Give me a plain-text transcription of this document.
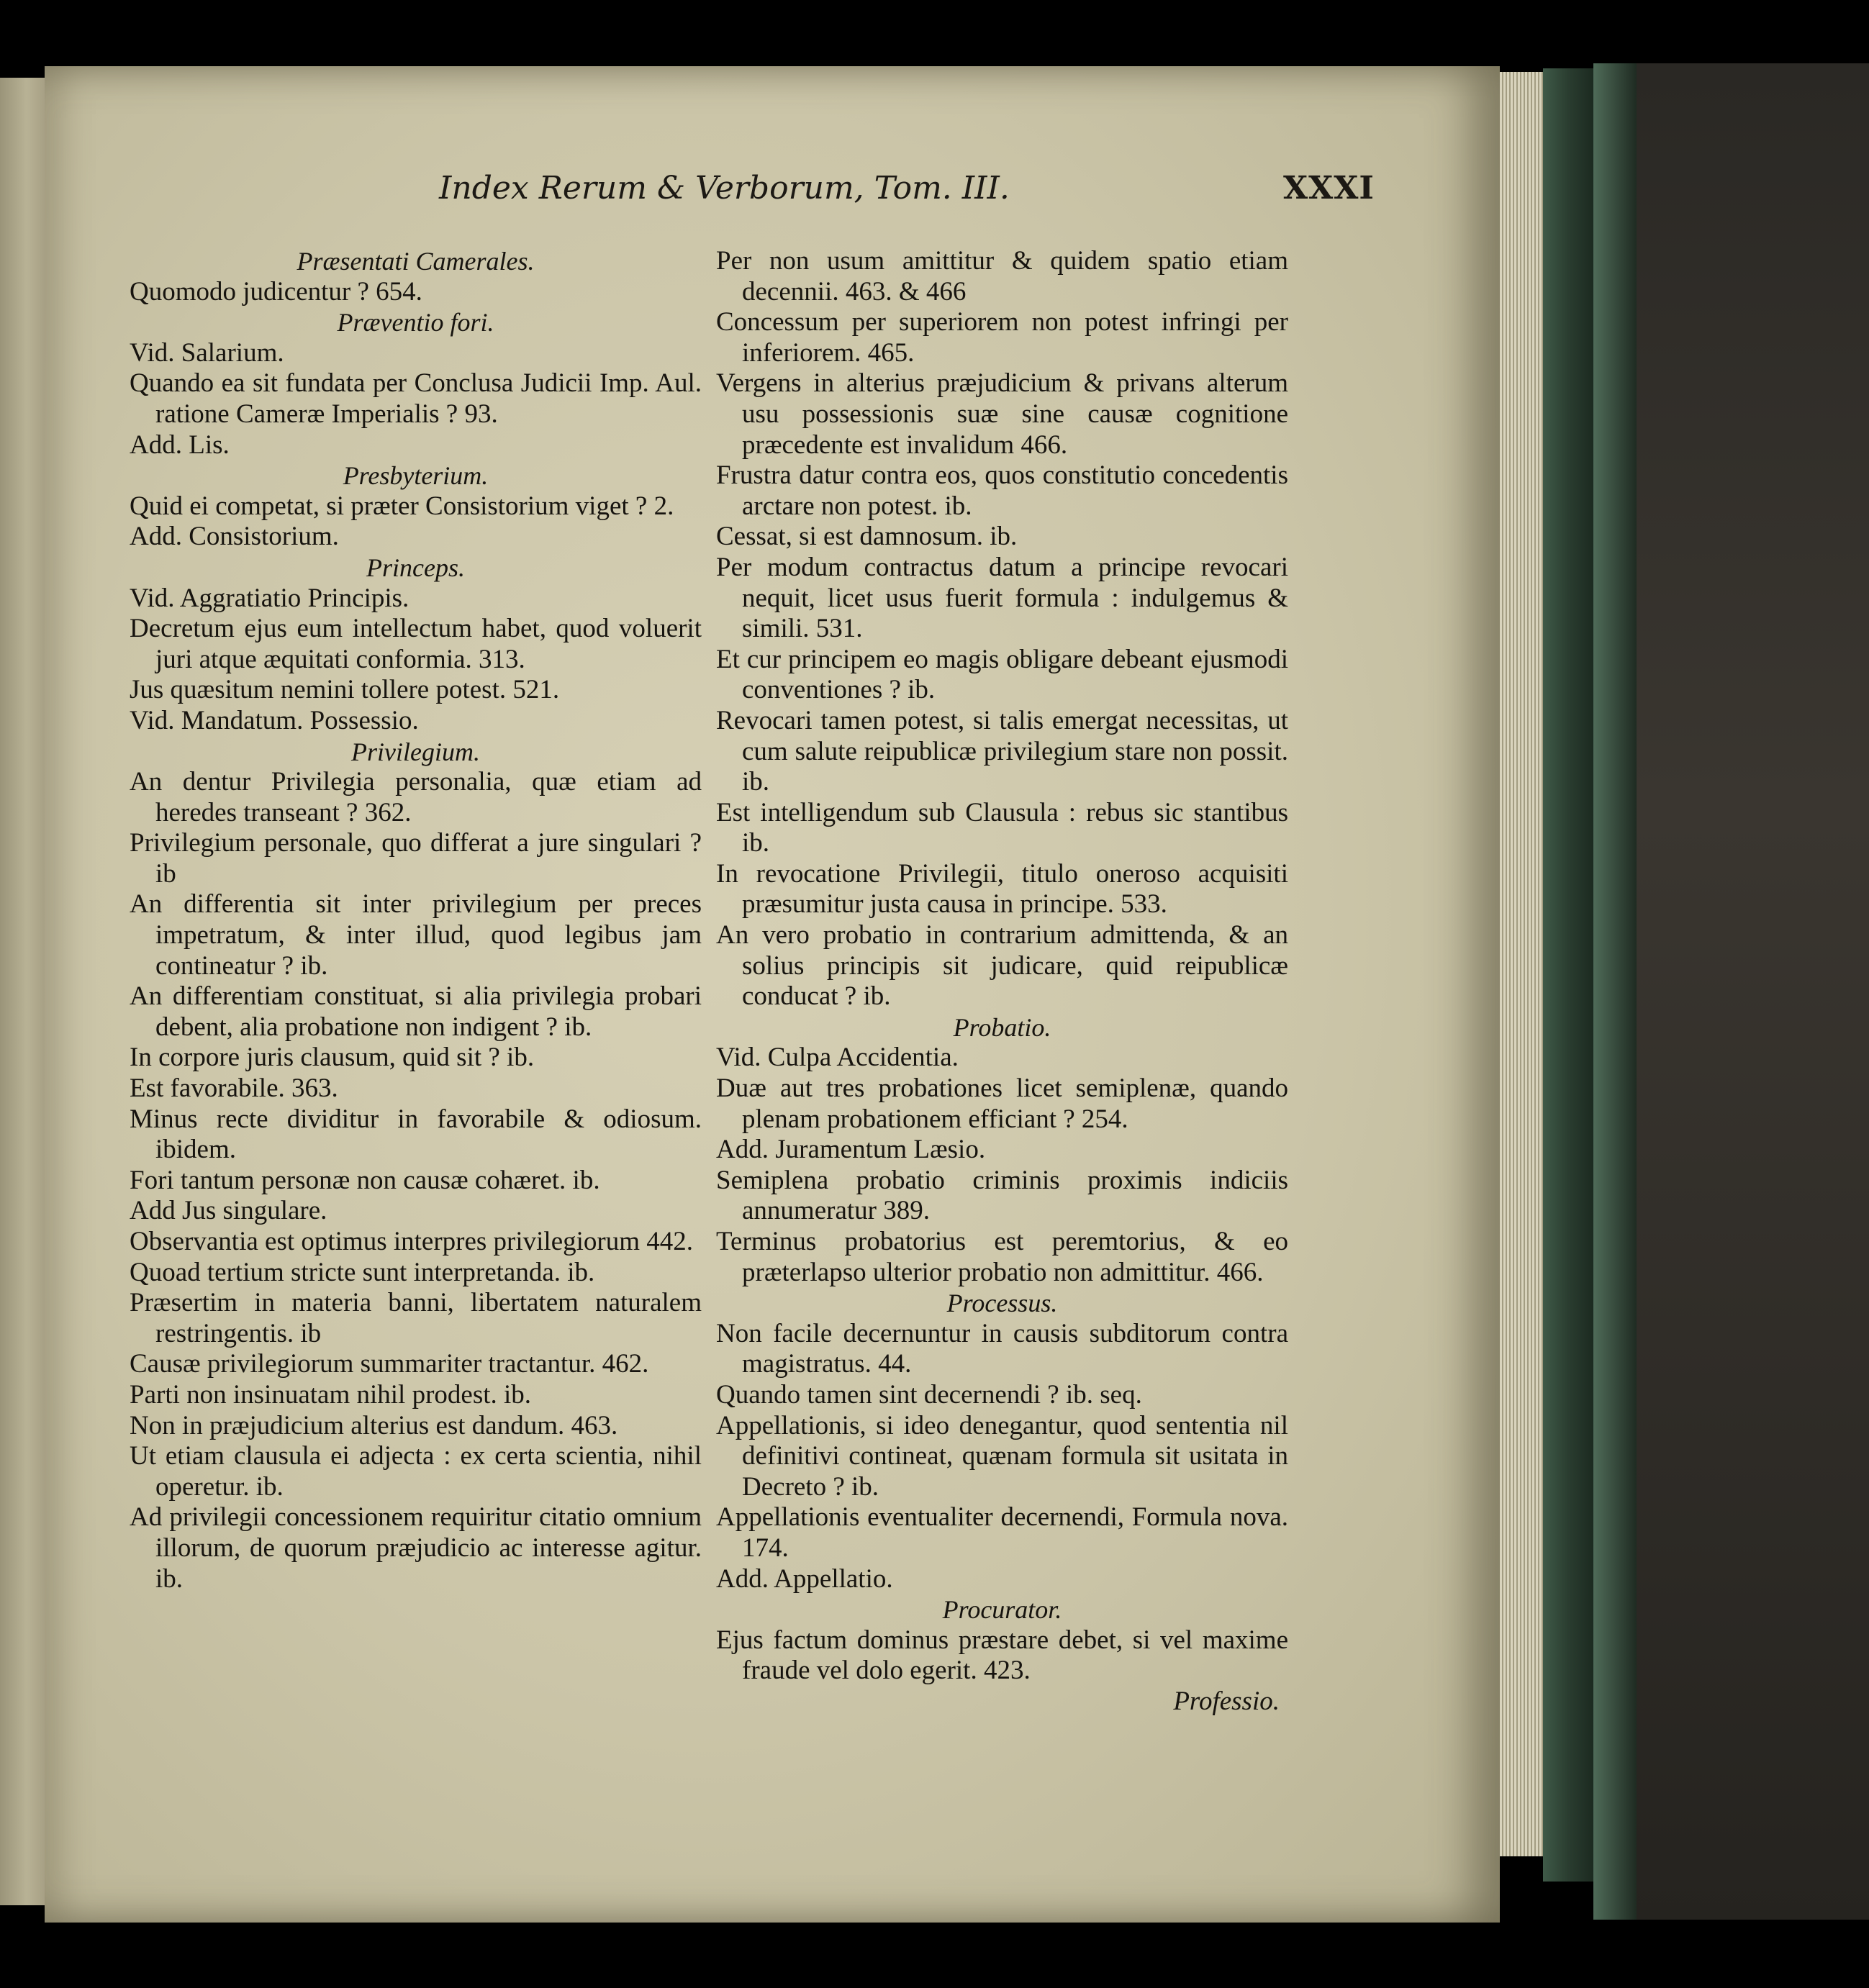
Index Rerum & Verborum, Tom. III.	XXXI
Præsentati Camerales.
Quomodo judicentur ? 654.
Præventio fori.
Vid. Salarium.
Quando ea sit fundata per Conclusa Judicii Imp. Aul. ratione Cameræ Imperialis ? 93.
Add. Lis.
Presbyterium.
Quid ei competat, si præter Consistorium viget ? 2.
Add. Consistorium.
Princeps.
Vid. Aggratiatio Principis.
Decretum ejus eum intellectum habet, quod voluerit juri atque æquitati conformia. 313.
Jus quæsitum nemini tollere potest. 521.
Vid. Mandatum. Possessio.
Privilegium.
An dentur Privilegia personalia, quæ etiam ad heredes transeant ? 362.
Privilegium personale, quo differat a jure singulari ? ib
An differentia sit inter privilegium per preces impetratum, & inter illud, quod legibus jam contineatur ? ib.
An differentiam constituat, si alia privilegia probari debent, alia probatione non indigent ? ib.
In corpore juris clausum, quid sit ? ib.
Est favorabile. 363.
Minus recte dividitur in favorabile & odiosum. ibidem.
Fori tantum personæ non causæ cohæret. ib.
Add Jus singulare.
Observantia est optimus interpres privilegiorum 442.
Quoad tertium stricte sunt interpretanda. ib.
Præsertim in materia banni, libertatem naturalem restringentis. ib
Causæ privilegiorum summariter tractantur. 462.
Parti non insinuatam nihil prodest. ib.
Non in præjudicium alterius est dandum. 463.
Ut etiam clausula ei adjecta : ex certa scientia, nihil operetur. ib.
Ad privilegii concessionem requiritur citatio omnium illorum, de quorum præjudicio ac interesse agitur. ib.
Per non usum amittitur & quidem spatio etiam decennii. 463. & 466
Concessum per superiorem non potest infringi per inferiorem. 465.
Vergens in alterius præjudicium & privans alterum usu possessionis suæ sine causæ cognitione præcedente est invalidum 466.
Frustra datur contra eos, quos constitutio concedentis arctare non potest. ib.
Cessat, si est damnosum. ib.
Per modum contractus datum a principe revocari nequit, licet usus fuerit formula : indulgemus & simili. 531.
Et cur principem eo magis obligare debeant ejusmodi conventiones ? ib.
Revocari tamen potest, si talis emergat necessitas, ut cum salute reipublicæ privilegium stare non possit. ib.
Est intelligendum sub Clausula : rebus sic stantibus ib.
In revocatione Privilegii, titulo oneroso acquisiti præsumitur justa causa in principe. 533.
An vero probatio in contrarium admittenda, & an solius principis sit judicare, quid reipublicæ conducat ? ib.
Probatio.
Vid. Culpa Accidentia.
Duæ aut tres probationes licet semiplenæ, quando plenam probationem efficiant ? 254.
Add. Juramentum Læsio.
Semiplena probatio criminis proximis indiciis annumeratur 389.
Terminus probatorius est peremtorius, & eo præterlapso ulterior probatio non admittitur. 466.
Processus.
Non facile decernuntur in causis subditorum contra magistratus. 44.
Quando tamen sint decernendi ? ib. seq.
Appellationis, si ideo denegantur, quod sententia nil definitivi contineat, quænam formula sit usitata in Decreto ? ib.
Appellationis eventualiter decernendi, Formula nova. 174.
Add. Appellatio.
Procurator.
Ejus factum dominus præstare debet, si vel maxime fraude vel dolo egerit. 423.
Professio.
